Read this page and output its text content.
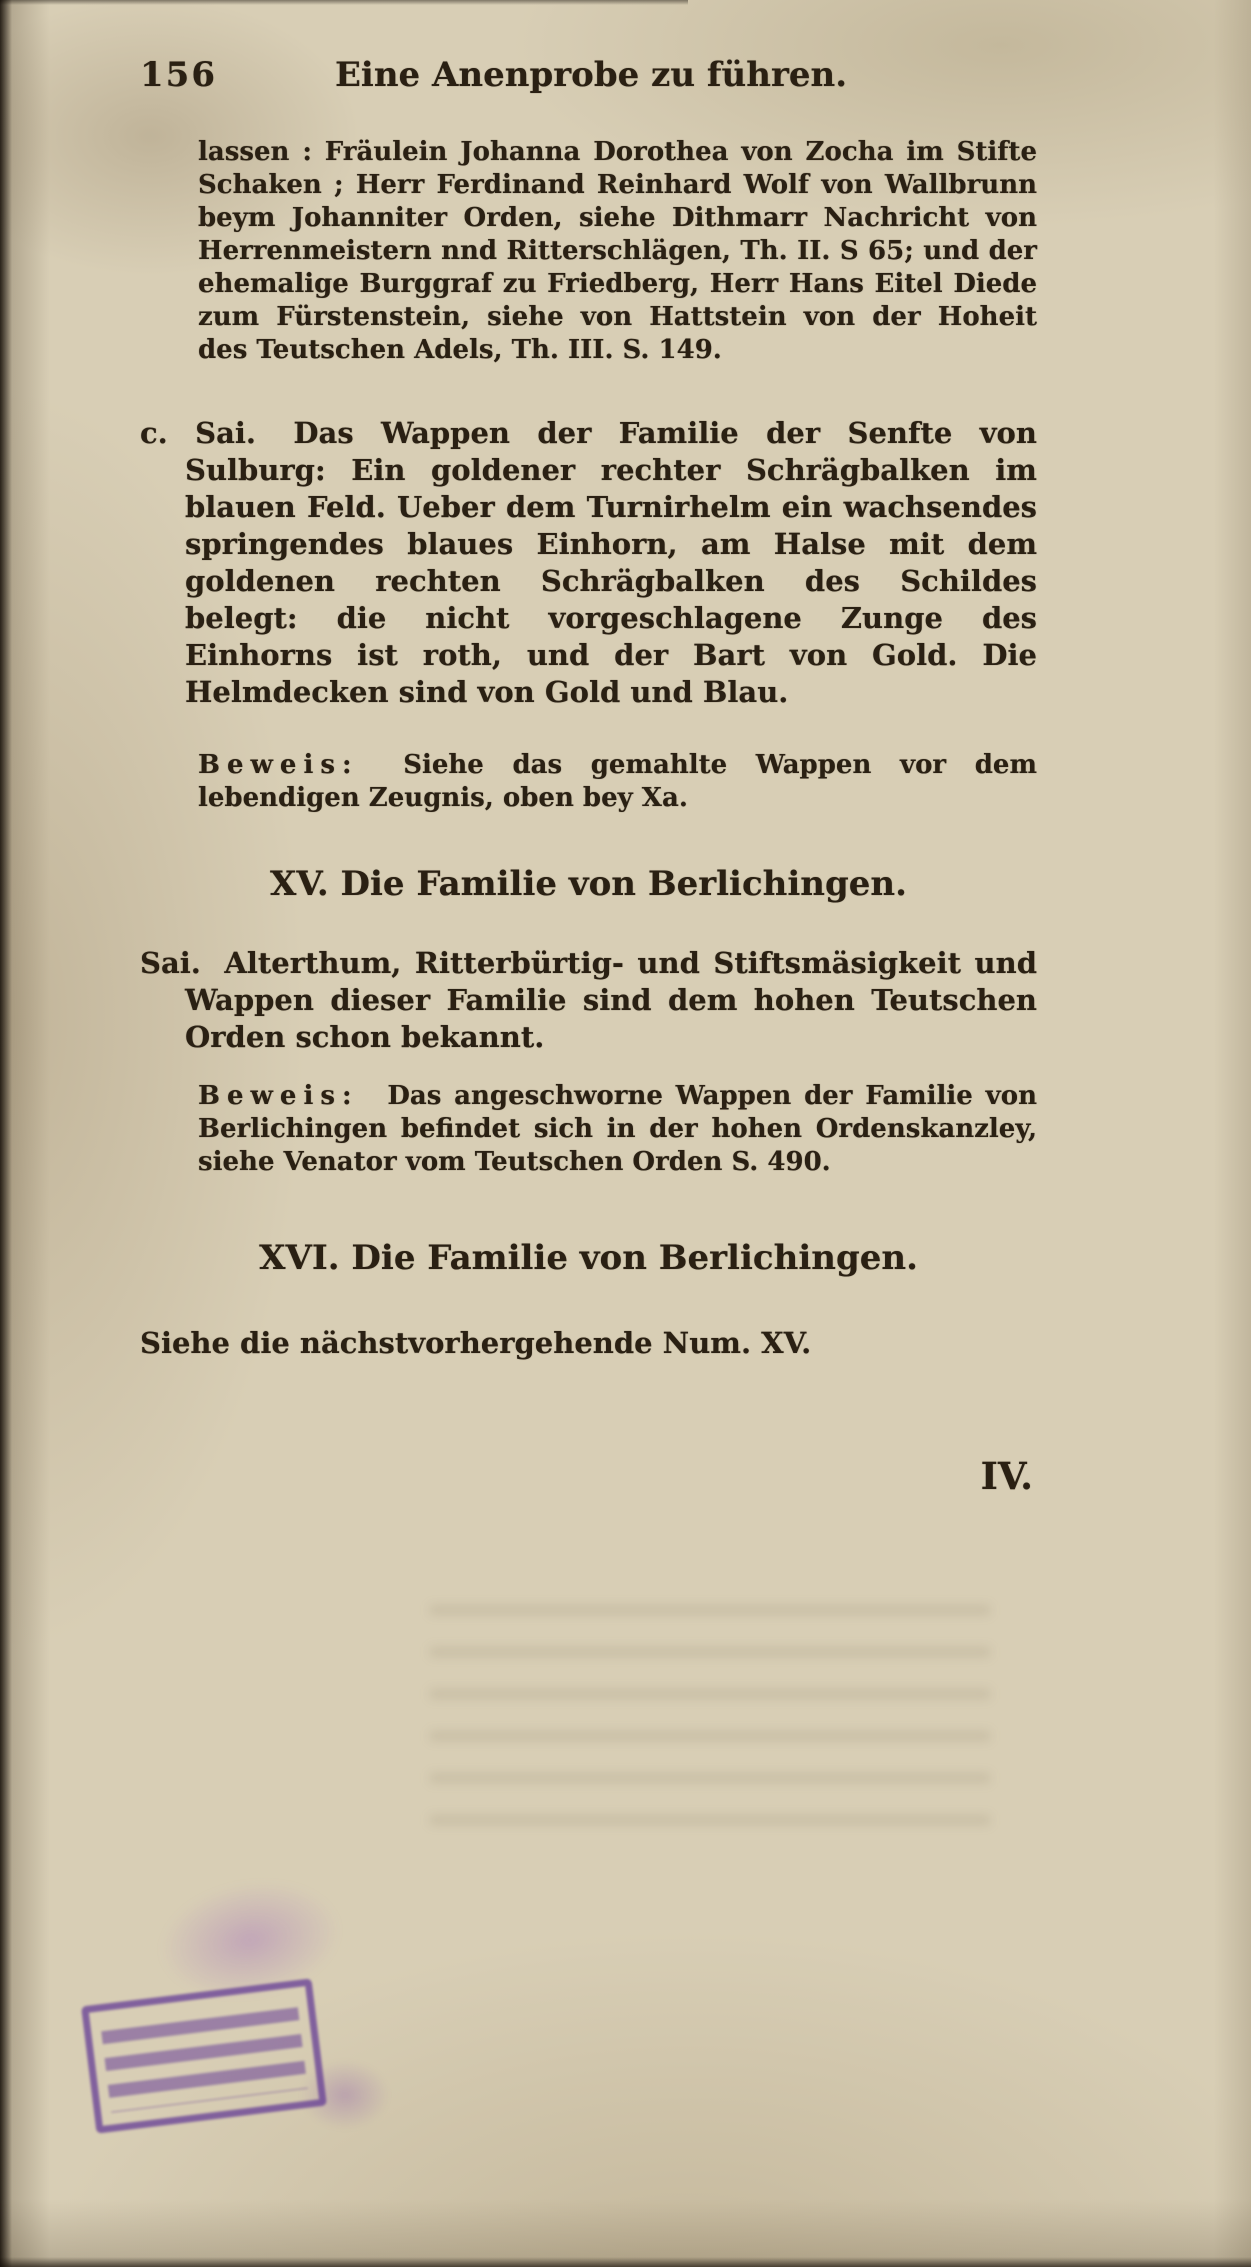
156	Eine Anenprobe zu führen.

lassen : Fräulein Johanna Dorothea von Zocha im Stifte Schaken ; Herr Ferdinand Reinhard Wolf von Wallbrunn beym Johanniter Orden, siehe Dithmarr Nachricht von Herrenmeistern nnd Ritterschlägen, Th. II. S 65; und der ehemalige Burggraf zu Friedberg, Herr Hans Eitel Diede zum Fürstenstein, siehe von Hattstein von der Hoheit des Teutschen Adels, Th. III. S. 149.

c. Sai. Das Wappen der Familie der Senfte von Sulburg: Ein goldener rechter Schrägbalken im blauen Feld. Ueber dem Turnirhelm ein wachsendes springendes blaues Einhorn, am Halse mit dem goldenen rechten Schrägbalken des Schildes belegt: die nicht vorgeschlagene Zunge des Einhorns ist roth, und der Bart von Gold. Die Helmdecken sind von Gold und Blau.

Beweis: Siehe das gemahlte Wappen vor dem lebendigen Zeugnis, oben bey Xa.

XV. Die Familie von Berlichingen.

Sai. Alterthum, Ritterbürtig- und Stiftsmäsigkeit und Wappen dieser Familie sind dem hohen Teutschen Orden schon bekannt.

Beweis: Das angeschworne Wappen der Familie von Berlichingen befindet sich in der hohen Ordenskanzley, siehe Venator vom Teutschen Orden S. 490.

XVI. Die Familie von Berlichingen.

Siehe die nächstvorhergehende Num. XV.

IV.
